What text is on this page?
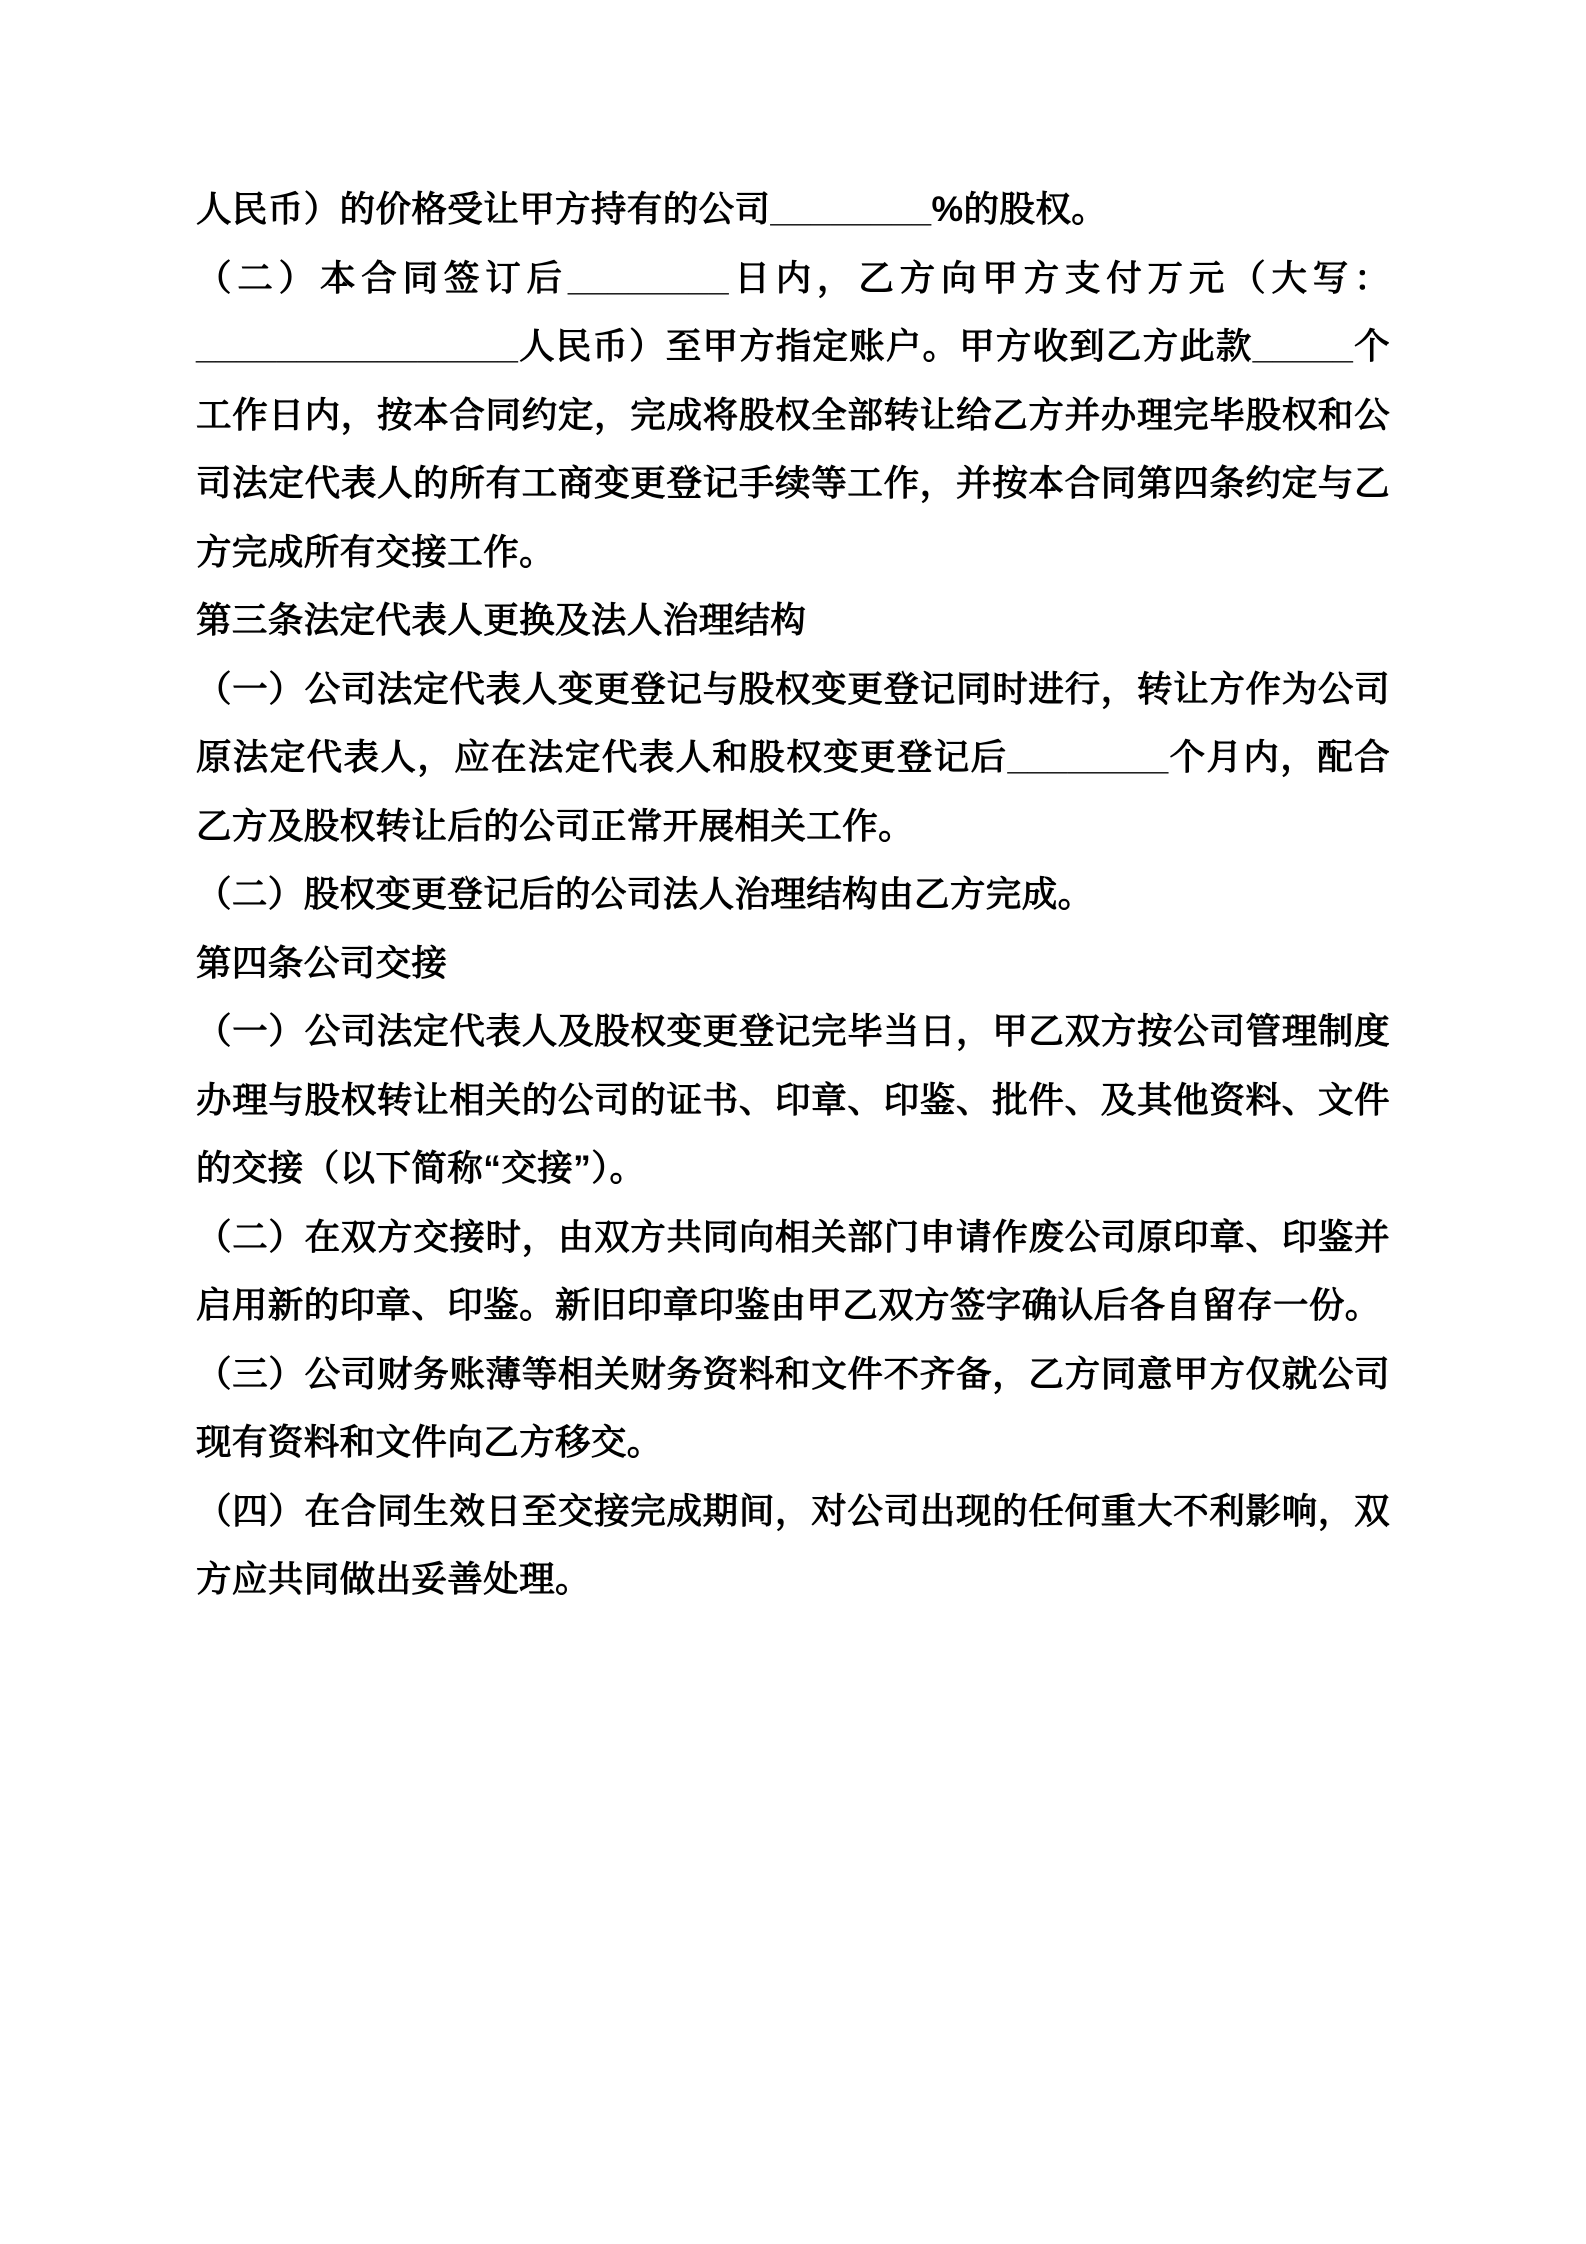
人民币）的价格受让甲方持有的公司________%的股权。

（二）本合同签订后________日内，乙方向甲方支付万元（大写：________________人民币）至甲方指定账户。甲方收到乙方此款_____个工作日内，按本合同约定，完成将股权全部转让给乙方并办理完毕股权和公司法定代表人的所有工商变更登记手续等工作，并按本合同第四条约定与乙方完成所有交接工作。

第三条法定代表人更换及法人治理结构

（一）公司法定代表人变更登记与股权变更登记同时进行，转让方作为公司原法定代表人，应在法定代表人和股权变更登记后________个月内，配合乙方及股权转让后的公司正常开展相关工作。

（二）股权变更登记后的公司法人治理结构由乙方完成。

第四条公司交接

（一）公司法定代表人及股权变更登记完毕当日，甲乙双方按公司管理制度办理与股权转让相关的公司的证书、印章、印鉴、批件、及其他资料、文件的交接（以下简称“交接”）。

（二）在双方交接时，由双方共同向相关部门申请作废公司原印章、印鉴并启用新的印章、印鉴。新旧印章印鉴由甲乙双方签字确认后各自留存一份。

（三）公司财务账薄等相关财务资料和文件不齐备，乙方同意甲方仅就公司现有资料和文件向乙方移交。

（四）在合同生效日至交接完成期间，对公司出现的任何重大不利影响，双方应共同做出妥善处理。
